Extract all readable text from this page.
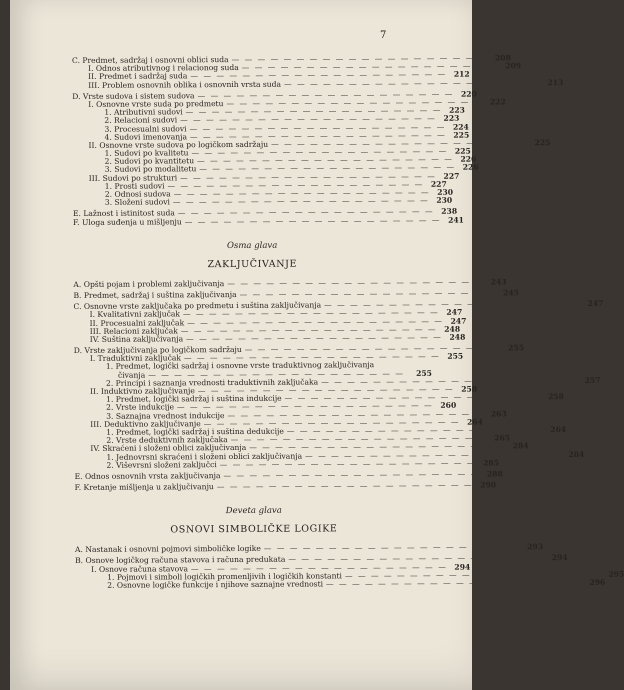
7
C. Predmet, sadržaj i osnovni oblici suda — — — — — — — — — — — — — — — — — — — — 208
I. Odnos atributivnog i relacionog suda — — — — — — — — — — — — — — — — — — — — 209
II. Predmet i sadržaj suda — — — — — — — — — — — — — — — — — — — — 212
III. Problem osnovnih oblika i osnovnih vrsta suda — — — — — — — — — — — — — — — — — — — — 213
D. Vrste sudova i sistem sudova — — — — — — — — — — — — — — — — — — — — 220
I. Osnovne vrste suda po predmetu — — — — — — — — — — — — — — — — — — — — 222
1. Atributivni sudovi — — — — — — — — — — — — — — — — — — — — 223
2. Relacioni sudovi — — — — — — — — — — — — — — — — — — — — 223
3. Procesualni sudovi — — — — — — — — — — — — — — — — — — — — 224
4. Sudovi imenovanja — — — — — — — — — — — — — — — — — — — — 225
II. Osnovne vrste sudova po logičkom sadržaju — — — — — — — — — — — — — — — — — — — — 225
1. Sudovi po kvalitetu — — — — — — — — — — — — — — — — — — — — 225
2. Sudovi po kvantitetu — — — — — — — — — — — — — — — — — — — — 226
3. Sudovi po modalitetu — — — — — — — — — — — — — — — — — — — — 226
III. Sudovi po strukturi — — — — — — — — — — — — — — — — — — — — 227
1. Prosti sudovi — — — — — — — — — — — — — — — — — — — — 227
2. Odnosi sudova — — — — — — — — — — — — — — — — — — — — 230
3. Složeni sudovi — — — — — — — — — — — — — — — — — — — — 230
E. Lažnost i istinitost suda — — — — — — — — — — — — — — — — — — — — 238
F. Uloga suđenja u mišljenju — — — — — — — — — — — — — — — — — — — — 241
Osma glava
ZAKLJUČIVANJE
A. Opšti pojam i problemi zaključivanja — — — — — — — — — — — — — — — — — — — — 243
B. Predmet, sadržaj i suština zaključivanja — — — — — — — — — — — — — — — — — — — — 245
C. Osnovne vrste zaključaka po predmetu i suština zaključivanja — — — — — — — — — — — — — — — — — — — — 247
I. Kvalitativni zaključak — — — — — — — — — — — — — — — — — — — — 247
II. Procesualni zaključak — — — — — — — — — — — — — — — — — — — — 247
III. Relacioni zaključak — — — — — — — — — — — — — — — — — — — — 248
IV. Suština zaključivanja — — — — — — — — — — — — — — — — — — — — 248
D. Vrste zaključivanja po logičkom sadržaju — — — — — — — — — — — — — — — — — — — — 255
I. Traduktivni zaključak — — — — — — — — — — — — — — — — — — — — 255
1. Predmet, logički sadržaj i osnovne vrste traduktivnog zaključivanja
čivanja — — — — — — — — — — — — — — — — — — — —	255
2. Principi i saznanja vrednosti traduktivnih zaključaka — — — — — — — — — — — — — — — — — — — — 257
II. Induktivno zaključivanje — — — — — — — — — — — — — — — — — — — — 258
1. Predmet, logički sadržaj i suština indukcije — — — — — — — — — — — — — — — — — — — — 258
2. Vrste indukcije — — — — — — — — — — — — — — — — — — — — 260
3. Saznajna vrednost indukcije — — — — — — — — — — — — — — — — — — — — 263
III. Deduktivno zaključivanje — — — — — — — — — — — — — — — — — — — — 264
1. Predmet, logički sadržaj i suština dedukcije — — — — — — — — — — — — — — — — — — — — 264
2. Vrste deduktivnih zaključaka — — — — — — — — — — — — — — — — — — — — 265
IV. Skraćeni i složeni oblici zaključivanja — — — — — — — — — — — — — — — — — — — — 284
1. Jednovrsni skraćeni i složeni oblici zaključivanja — — — — — — — — — — — — — — — — — — — — 284
2. Viševrsni složeni zaključci — — — — — — — — — — — — — — — — — — — — 285
E. Odnos osnovnih vrsta zaključivanja — — — — — — — — — — — — — — — — — — — — 288
F. Kretanje mišljenja u zaključivanju — — — — — — — — — — — — — — — — — — — — 290
Deveta glava
OSNOVI SIMBOLIČKE LOGIKE
A. Nastanak i osnovni pojmovi simboličke logike — — — — — — — — — — — — — — — — — — — — 293
B. Osnove logičkog računa stavova i računa predukata — — — — — — — — — — — — — — — — — — — — 294
I. Osnove računa stavova — — — — — — — — — — — — — — — — — — — — 294
1. Pojmovi i simboli logičkih promenljivih i logičkih konstanti — — — — — — — — — — — — — — — — — — — — 295
2. Osnovne logičke funkcije i njihove saznajne vrednosti — — — — — — — — — — — — — — — — — — — — 296
